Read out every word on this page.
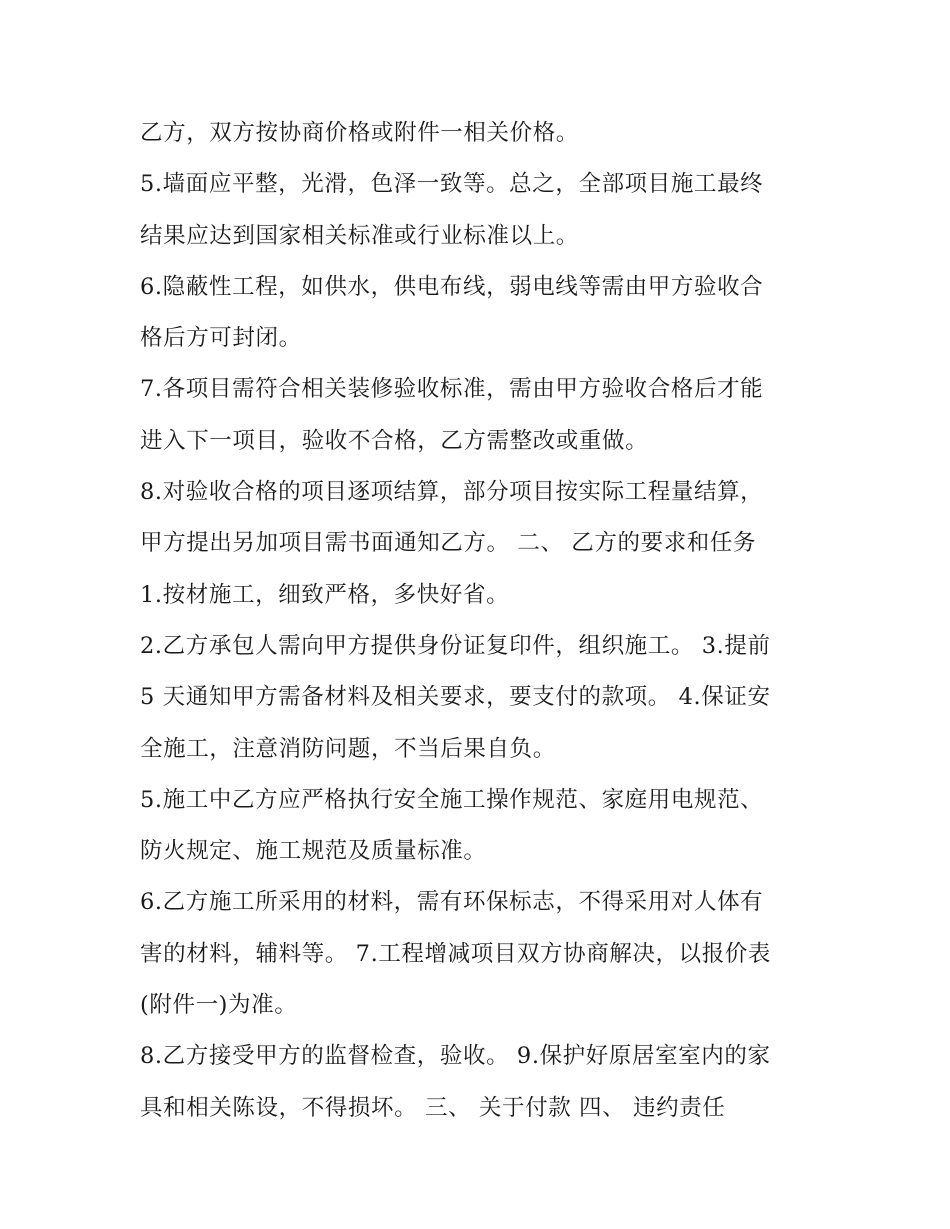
乙方，双方按协商价格或附件一相关价格。
5.墙面应平整，光滑，色泽一致等。总之，全部项目施工最终
结果应达到国家相关标准或行业标准以上。
6.隐蔽性工程，如供水，供电布线，弱电线等需由甲方验收合
格后方可封闭。
7.各项目需符合相关装修验收标准，需由甲方验收合格后才能
进入下一项目，验收不合格，乙方需整改或重做。
8.对验收合格的项目逐项结算，部分项目按实际工程量结算，
甲方提出另加项目需书面通知乙方。 二、 乙方的要求和任务
1.按材施工，细致严格，多快好省。
2.乙方承包人需向甲方提供身份证复印件，组织施工。 3.提前
5 天通知甲方需备材料及相关要求，要支付的款项。 4.保证安
全施工，注意消防问题，不当后果自负。
5.施工中乙方应严格执行安全施工操作规范、家庭用电规范、
防火规定、施工规范及质量标准。
6.乙方施工所采用的材料，需有环保标志，不得采用对人体有
害的材料，辅料等。 7.工程增减项目双方协商解决，以报价表
(附件一)为准。
8.乙方接受甲方的监督检查，验收。 9.保护好原居室室内的家
具和相关陈设，不得损坏。 三、 关于付款 四、 违约责任
